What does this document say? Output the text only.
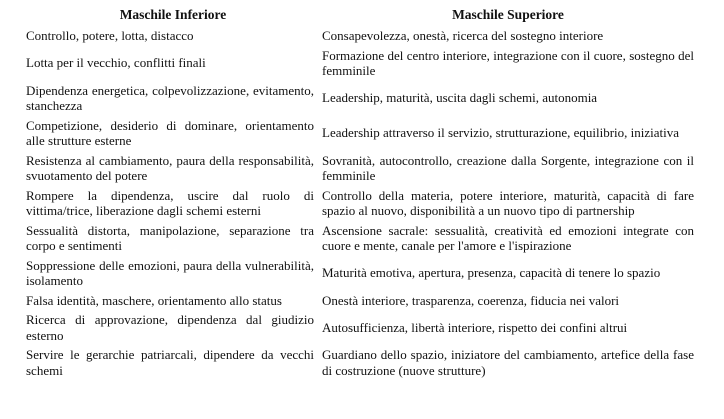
Maschile Inferiore	Maschile Superiore
Controllo, potere, lotta, distacco	Consapevolezza, onestà, ricerca del sostegno interiore
Lotta per il vecchio, conflitti finali	Formazione del centro interiore, integrazione con il cuore, sostegno del femminile
Dipendenza energetica, colpevolizzazione, evitamento, stanchezza	Leadership, maturità, uscita dagli schemi, autonomia
Competizione, desiderio di dominare, orientamento alle strutture esterne	Leadership attraverso il servizio, strutturazione, equilibrio, iniziativa
Resistenza al cambiamento, paura della responsabilità, svuotamento del potere	Sovranità, autocontrollo, creazione dalla Sorgente, integrazione con il femminile
Rompere la dipendenza, uscire dal ruolo di vittima/trice, liberazione dagli schemi esterni	Controllo della materia, potere interiore, maturità, capacità di fare spazio al nuovo, disponibilità a un nuovo tipo di partnership
Sessualità distorta, manipolazione, separazione tra corpo e sentimenti	Ascensione sacrale: sessualità, creatività ed emozioni integrate con cuore e mente, canale per l'amore e l'ispirazione
Soppressione delle emozioni, paura della vulnerabilità, isolamento	Maturità emotiva, apertura, presenza, capacità di tenere lo spazio
Falsa identità, maschere, orientamento allo status	Onestà interiore, trasparenza, coerenza, fiducia nei valori
Ricerca di approvazione, dipendenza dal giudizio esterno	Autosufficienza, libertà interiore, rispetto dei confini altrui
Servire le gerarchie patriarcali, dipendere da vecchi schemi	Guardiano dello spazio, iniziatore del cambiamento, artefice della fase di costruzione (nuove strutture)
